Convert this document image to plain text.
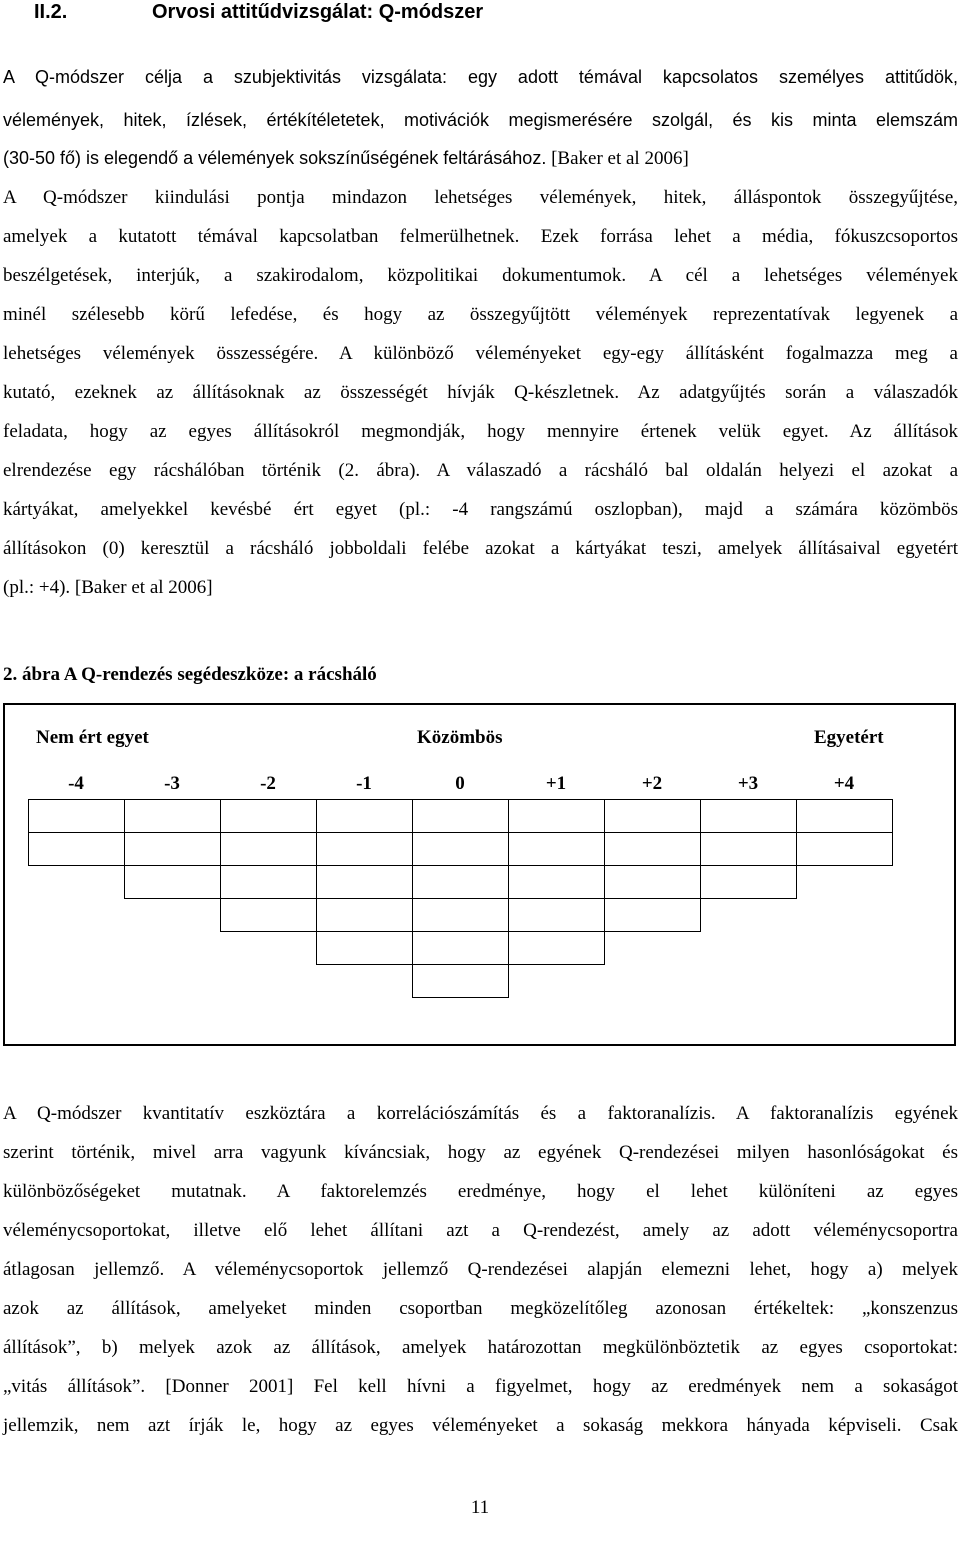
II.2.	Orvosi attitűdvizsgálat: Q-módszer

A Q-módszer célja a szubjektivitás vizsgálata: egy adott témával kapcsolatos személyes attitűdök,

vélemények, hitek, ízlések, értékítéletetek, motivációk megismerésére szolgál, és kis minta elemszám

(30-50 fő) is elegendő a vélemények sokszínűségének feltárásához. [Baker et al 2006]

A Q-módszer kiindulási pontja mindazon lehetséges vélemények, hitek, álláspontok összegyűjtése,

amelyek a kutatott témával kapcsolatban felmerülhetnek. Ezek forrása lehet a média, fókuszcsoportos

beszélgetések, interjúk, a szakirodalom, közpolitikai dokumentumok. A cél a lehetséges vélemények

minél szélesebb körű lefedése, és hogy az összegyűjtött vélemények reprezentatívak legyenek a

lehetséges vélemények összességére. A különböző véleményeket egy-egy állításként fogalmazza meg a

kutató, ezeknek az állításoknak az összességét hívják Q-készletnek. Az adatgyűjtés során a válaszadók

feladata, hogy az egyes állításokról megmondják, hogy mennyire értenek velük egyet. Az állítások

elrendezése egy rácshálóban történik (2. ábra). A válaszadó a rácsháló bal oldalán helyezi el azokat a

kártyákat, amelyekkel kevésbé ért egyet (pl.: -4 rangszámú oszlopban), majd a számára közömbös

állításokon (0) keresztül a rácsháló jobboldali felébe azokat a kártyákat teszi, amelyek állításaival egyetért

(pl.: +4). [Baker et al 2006]

2. ábra A Q-rendezés segédeszköze: a rácsháló
Nem ért egyet	Közömbös	Egyetért
-4	-3	-2	-1	0	+1	+2	+3	+4

A Q-módszer kvantitatív eszköztára a korrelációszámítás és a faktoranalízis. A faktoranalízis egyének

szerint történik, mivel arra vagyunk kíváncsiak, hogy az egyének Q-rendezései milyen hasonlóságokat és

különbözőségeket mutatnak. A faktorelemzés eredménye, hogy el lehet különíteni az egyes

véleménycsoportokat, illetve elő lehet állítani azt a Q-rendezést, amely az adott véleménycsoportra

átlagosan jellemző. A véleménycsoportok jellemző Q-rendezései alapján elemezni lehet, hogy a) melyek

azok az állítások, amelyeket minden csoportban megközelítőleg azonosan értékeltek: „konszenzus

állítások”, b) melyek azok az állítások, amelyek határozottan megkülönböztetik az egyes csoportokat:

„vitás állítások”. [Donner 2001] Fel kell hívni a figyelmet, hogy az eredmények nem a sokaságot

jellemzik, nem azt írják le, hogy az egyes véleményeket a sokaság mekkora hányada képviseli. Csak

11
